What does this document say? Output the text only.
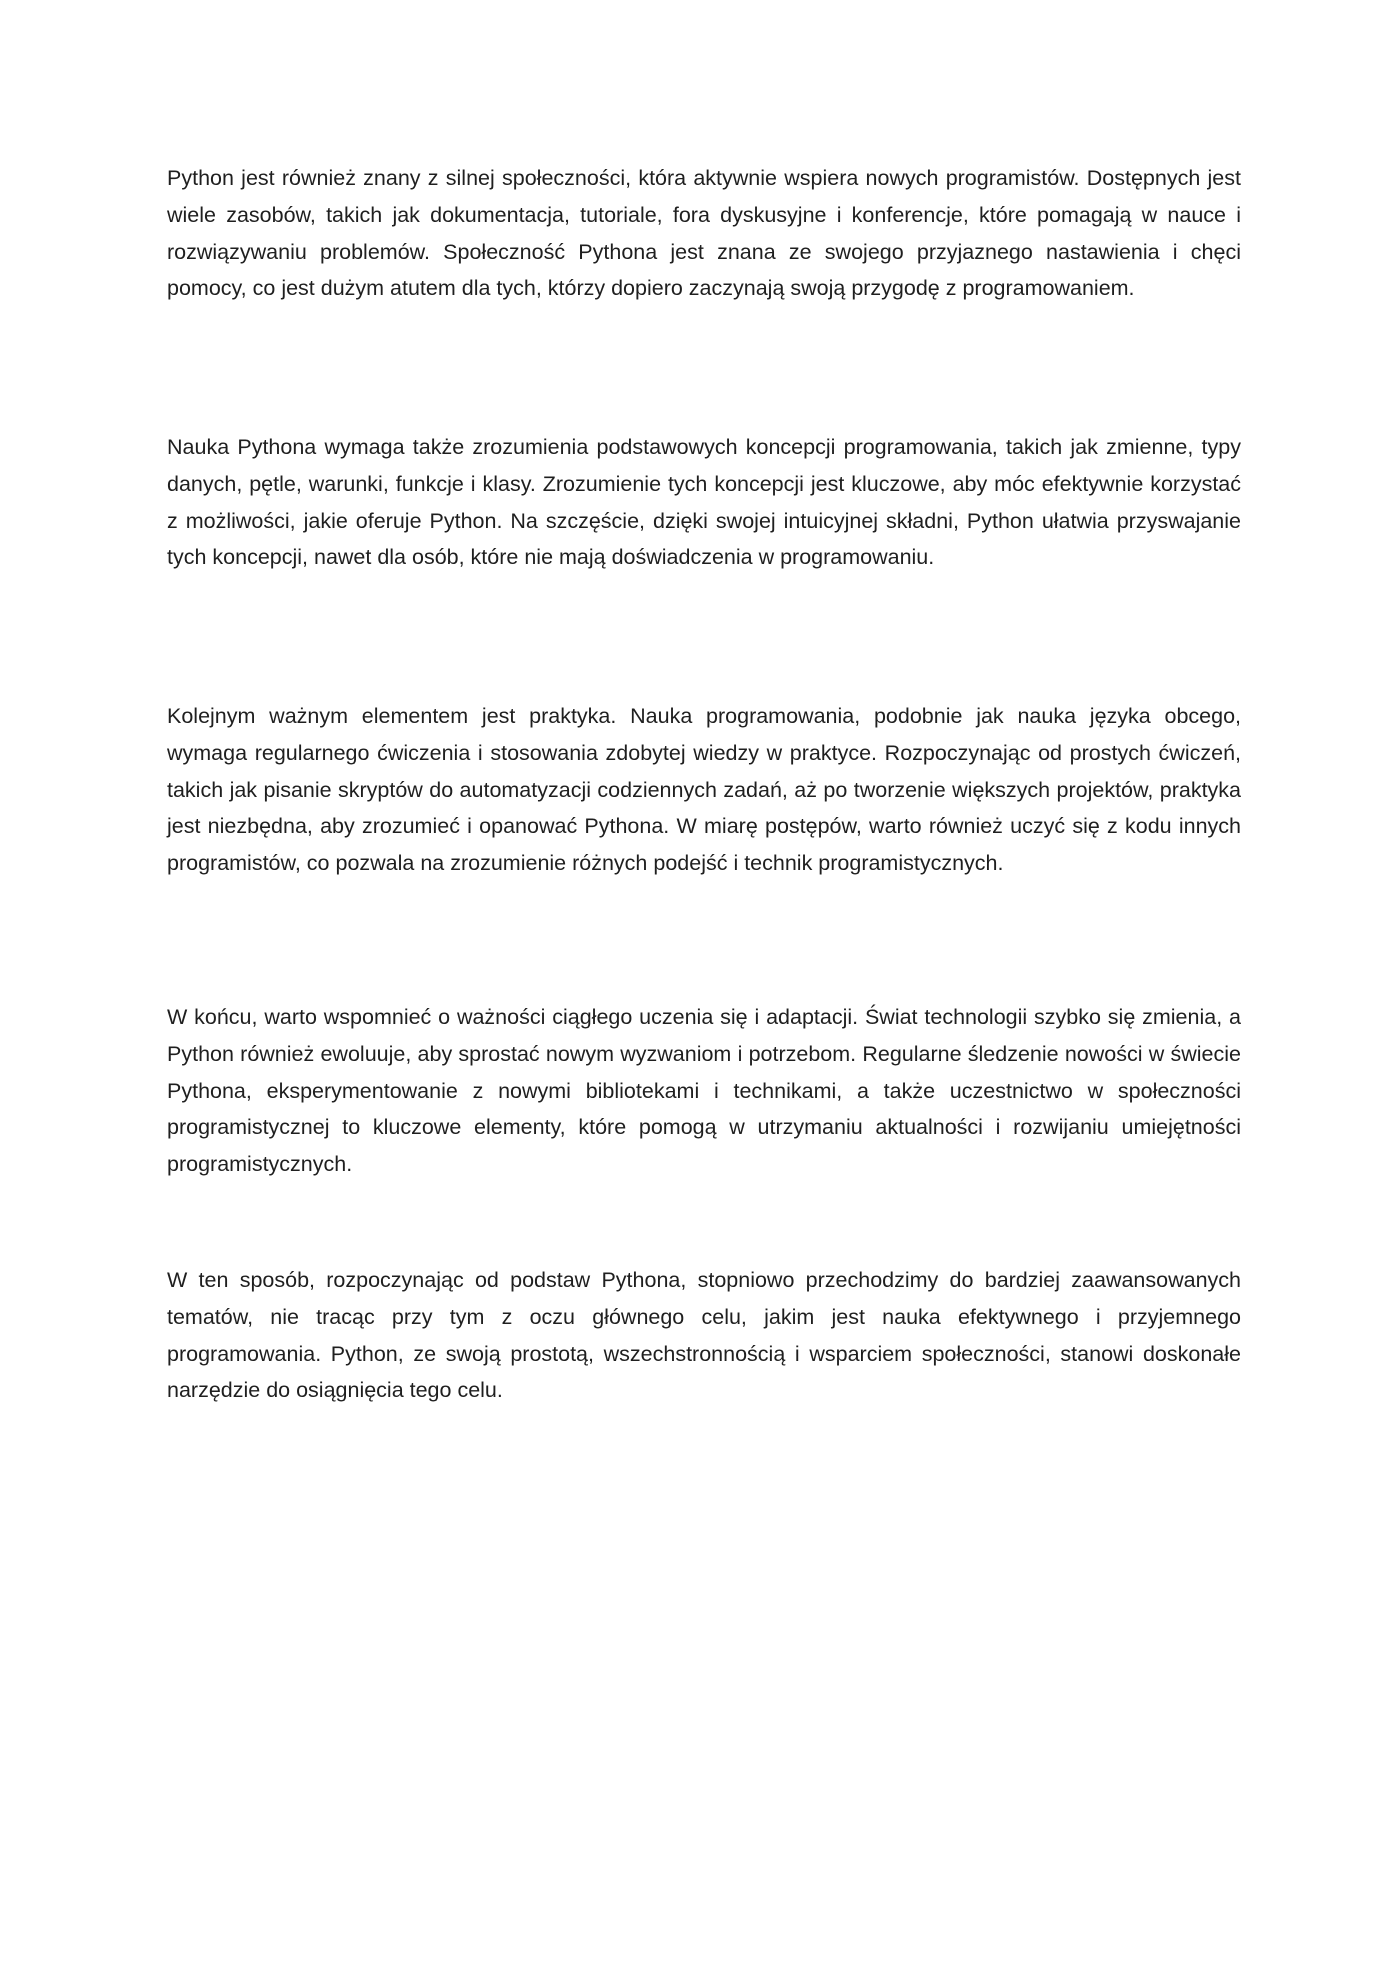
Python jest również znany z silnej społeczności, która aktywnie wspiera nowych programistów. Dostępnych jest wiele zasobów, takich jak dokumentacja, tutoriale, fora dyskusyjne i konferencje, które pomagają w nauce i rozwiązywaniu problemów. Społeczność Pythona jest znana ze swojego przyjaznego nastawienia i chęci pomocy, co jest dużym atutem dla tych, którzy dopiero zaczynają swoją przygodę z programowaniem.

Nauka Pythona wymaga także zrozumienia podstawowych koncepcji programowania, takich jak zmienne, typy danych, pętle, warunki, funkcje i klasy. Zrozumienie tych koncepcji jest kluczowe, aby móc efektywnie korzystać z możliwości, jakie oferuje Python. Na szczęście, dzięki swojej intuicyjnej składni, Python ułatwia przyswajanie tych koncepcji, nawet dla osób, które nie mają doświadczenia w programowaniu.

Kolejnym ważnym elementem jest praktyka. Nauka programowania, podobnie jak nauka języka obcego, wymaga regularnego ćwiczenia i stosowania zdobytej wiedzy w praktyce. Rozpoczynając od prostych ćwiczeń, takich jak pisanie skryptów do automatyzacji codziennych zadań, aż po tworzenie większych projektów, praktyka jest niezbędna, aby zrozumieć i opanować Pythona. W miarę postępów, warto również uczyć się z kodu innych programistów, co pozwala na zrozumienie różnych podejść i technik programistycznych.

W końcu, warto wspomnieć o ważności ciągłego uczenia się i adaptacji. Świat technologii szybko się zmienia, a Python również ewoluuje, aby sprostać nowym wyzwaniom i potrzebom. Regularne śledzenie nowości w świecie Pythona, eksperymentowanie z nowymi bibliotekami i technikami, a także uczestnictwo w społeczności programistycznej to kluczowe elementy, które pomogą w utrzymaniu aktualności i rozwijaniu umiejętności programistycznych.

W ten sposób, rozpoczynając od podstaw Pythona, stopniowo przechodzimy do bardziej zaawansowanych tematów, nie tracąc przy tym z oczu głównego celu, jakim jest nauka efektywnego i przyjemnego programowania. Python, ze swoją prostotą, wszechstronnością i wsparciem społeczności, stanowi doskonałe narzędzie do osiągnięcia tego celu.
